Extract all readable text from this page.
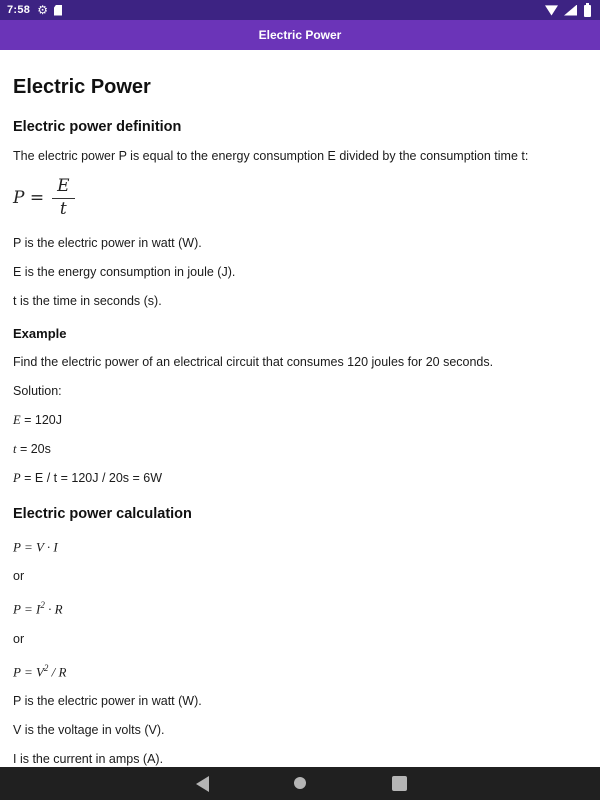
7:58 ⚙
Electric Power
Electric Power
Electric power definition

The electric power P is equal to the energy consumption E divided by the consumption time t:

$P = \frac{E}{t}$

P is the electric power in watt (W).

E is the energy consumption in joule (J).

t is the time in seconds (s).

Example

Find the electric power of an electrical circuit that consumes 120 joules for 20 seconds.

Solution:

E = 120J

t = 20s

P = E / t = 120J / 20s = 6W

Electric power calculation

P = V · I

or

$P = I^2 \cdot R$

or

$P = V^2 / R$

P is the electric power in watt (W).

V is the voltage in volts (V).

I is the current in amps (A).
